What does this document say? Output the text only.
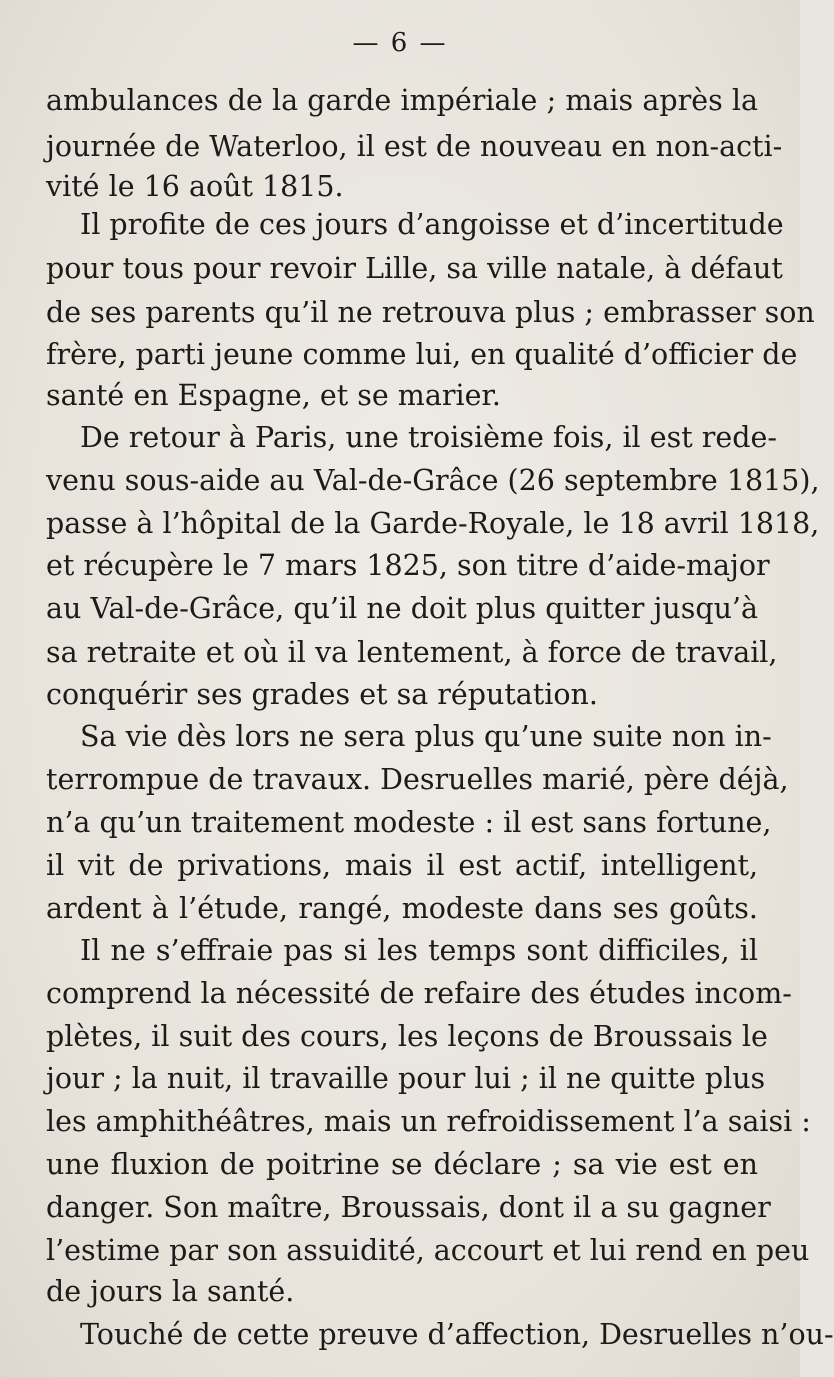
— 6 —
ambulances de la garde impériale ; mais après la
journée de Waterloo, il est de nouveau en non-acti-
vité le 16 août 1815.
Il profite de ces jours d’angoisse et d’incertitude
pour tous pour revoir Lille, sa ville natale, à défaut
de ses parents qu’il ne retrouva plus ; embrasser son
frère, parti jeune comme lui, en qualité d’officier de
santé en Espagne, et se marier.
De retour à Paris, une troisième fois, il est rede-
venu sous-aide au Val-de-Grâce (26 septembre 1815),
passe à l’hôpital de la Garde-Royale, le 18 avril 1818,
et récupère le 7 mars 1825, son titre d’aide-major
au Val-de-Grâce, qu’il ne doit plus quitter jusqu’à
sa retraite et où il va lentement, à force de travail,
conquérir ses grades et sa réputation.
Sa vie dès lors ne sera plus qu’une suite non in-
terrompue de travaux. Desruelles marié, père déjà,
n’a qu’un traitement modeste : il est sans fortune,
il vit de privations, mais il est actif, intelligent,
ardent à l’étude, rangé, modeste dans ses goûts.
Il ne s’effraie pas si les temps sont difficiles, il
comprend la nécessité de refaire des études incom-
plètes, il suit des cours, les leçons de Broussais le
jour ; la nuit, il travaille pour lui ; il ne quitte plus
les amphithéâtres, mais un refroidissement l’a saisi :
une fluxion de poitrine se déclare ; sa vie est en
danger. Son maître, Broussais, dont il a su gagner
l’estime par son assuidité, accourt et lui rend en peu
de jours la santé.
Touché de cette preuve d’affection, Desruelles n’ou-
